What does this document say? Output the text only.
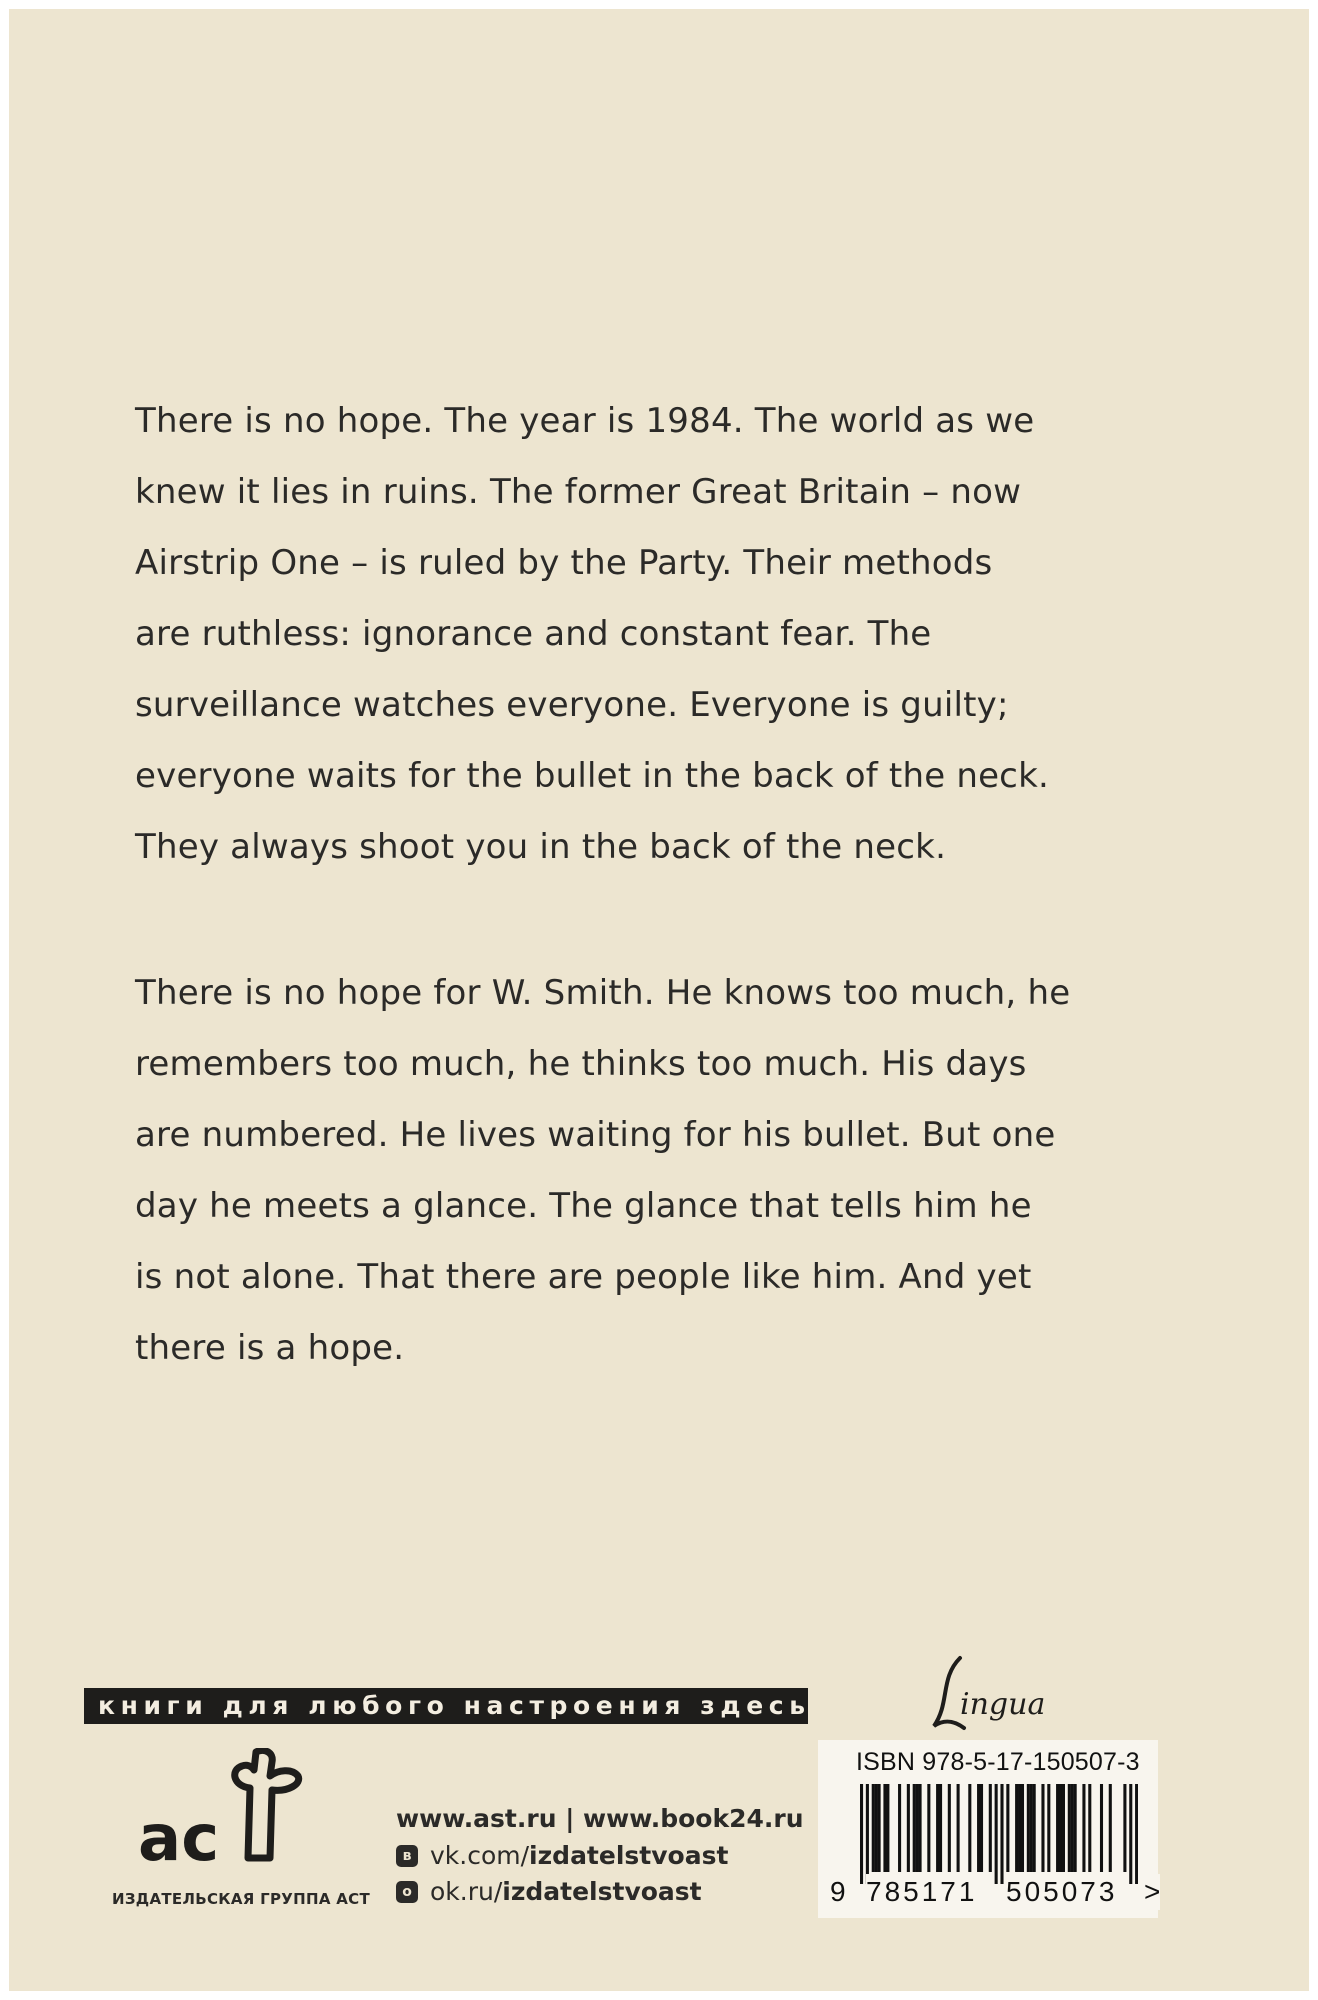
There is no hope. The year is 1984. The world as we
knew it lies in ruins. The former Great Britain – now
Airstrip One – is ruled by the Party. Their methods
are ruthless: ignorance and constant fear. The
surveillance watches everyone. Everyone is guilty;
everyone waits for the bullet in the back of the neck.
They always shoot you in the back of the neck.
There is no hope for W. Smith. He knows too much, he
remembers too much, he thinks too much. His days
are numbered. He lives waiting for his bullet. But one
day he meets a glance. The glance that tells him he
is not alone. That there are people like him. And yet
there is a hope.
книги для любого настроения здесь	ingua
ас
ИЗДАТЕЛЬСКАЯ ГРУППА АСТ
www.ast.ru | www.book24.ru
в vk.com/ izdatelstvoast
о ok.ru/ izdatelstvoast
ISBN 978-5-17-150507-3
9 785171 505073 >
